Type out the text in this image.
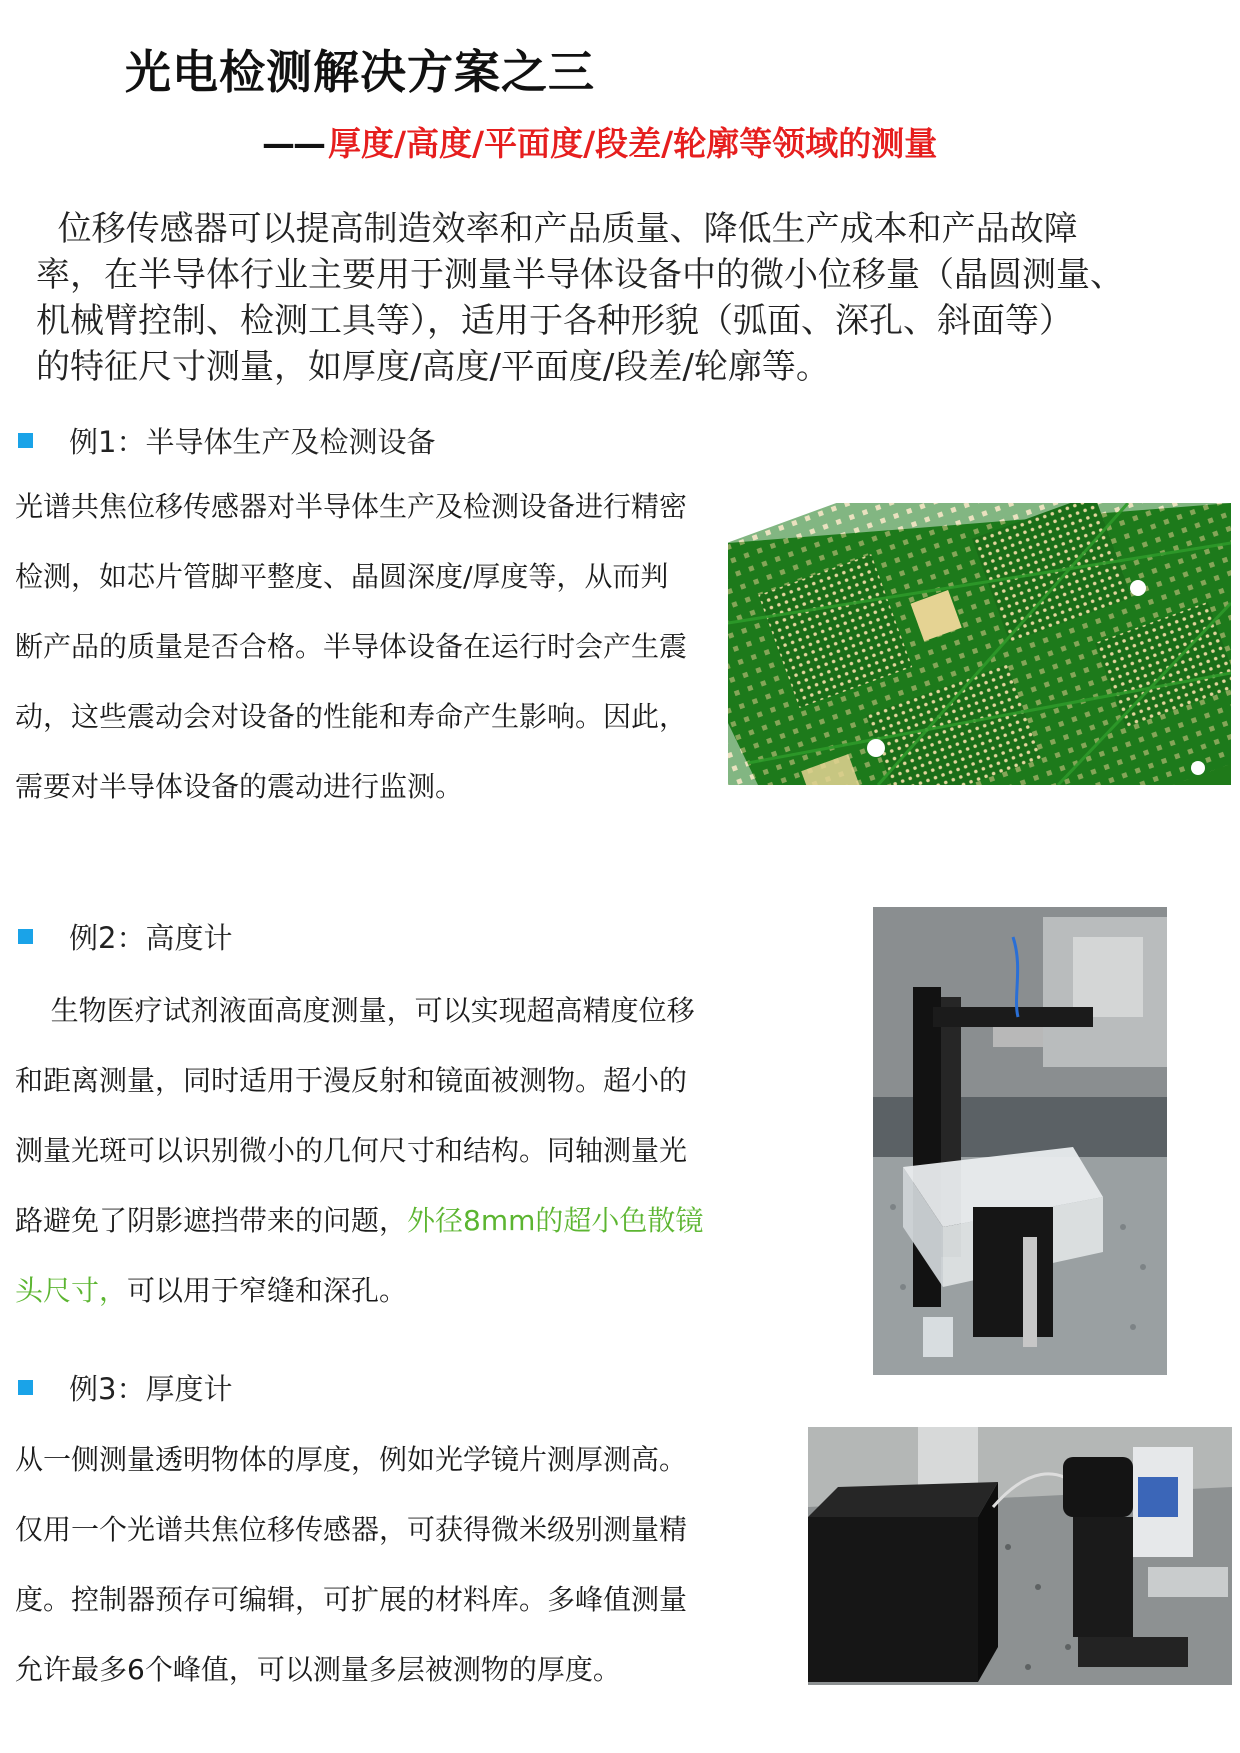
光电检测解决方案之三
—— 厚度/高度/平面度/段差/轮廓等领域的测量
位移传感器可以提高制造效率和产品质量、降低生产成本和产品故障
率，在半导体行业主要用于测量半导体设备中的微小位移量（晶圆测量、
机械臂控制、检测工具等），适用于各种形貌（弧面、深孔、斜面等）
的特征尺寸测量，如厚度/高度/平面度/段差/轮廓等。
例1：半导体生产及检测设备
光谱共焦位移传感器对半导体生产及检测设备进行精密
检测，如芯片管脚平整度、晶圆深度/厚度等，从而判
断产品的质量是否合格。半导体设备在运行时会产生震
动，这些震动会对设备的性能和寿命产生影响。因此，
需要对半导体设备的震动进行监测。
例2：高度计
生物医疗试剂液面高度测量，可以实现超高精度位移
和距离测量，同时适用于漫反射和镜面被测物。超小的
测量光斑可以识别微小的几何尺寸和结构。同轴测量光
路避免了阴影遮挡带来的问题，外径8mm的超小色散镜
头尺寸，可以用于窄缝和深孔。
例3：厚度计
从一侧测量透明物体的厚度，例如光学镜片测厚测高。
仅用一个光谱共焦位移传感器，可获得微米级别测量精
度。控制器预存可编辑，可扩展的材料库。多峰值测量
允许最多6个峰值，可以测量多层被测物的厚度。
